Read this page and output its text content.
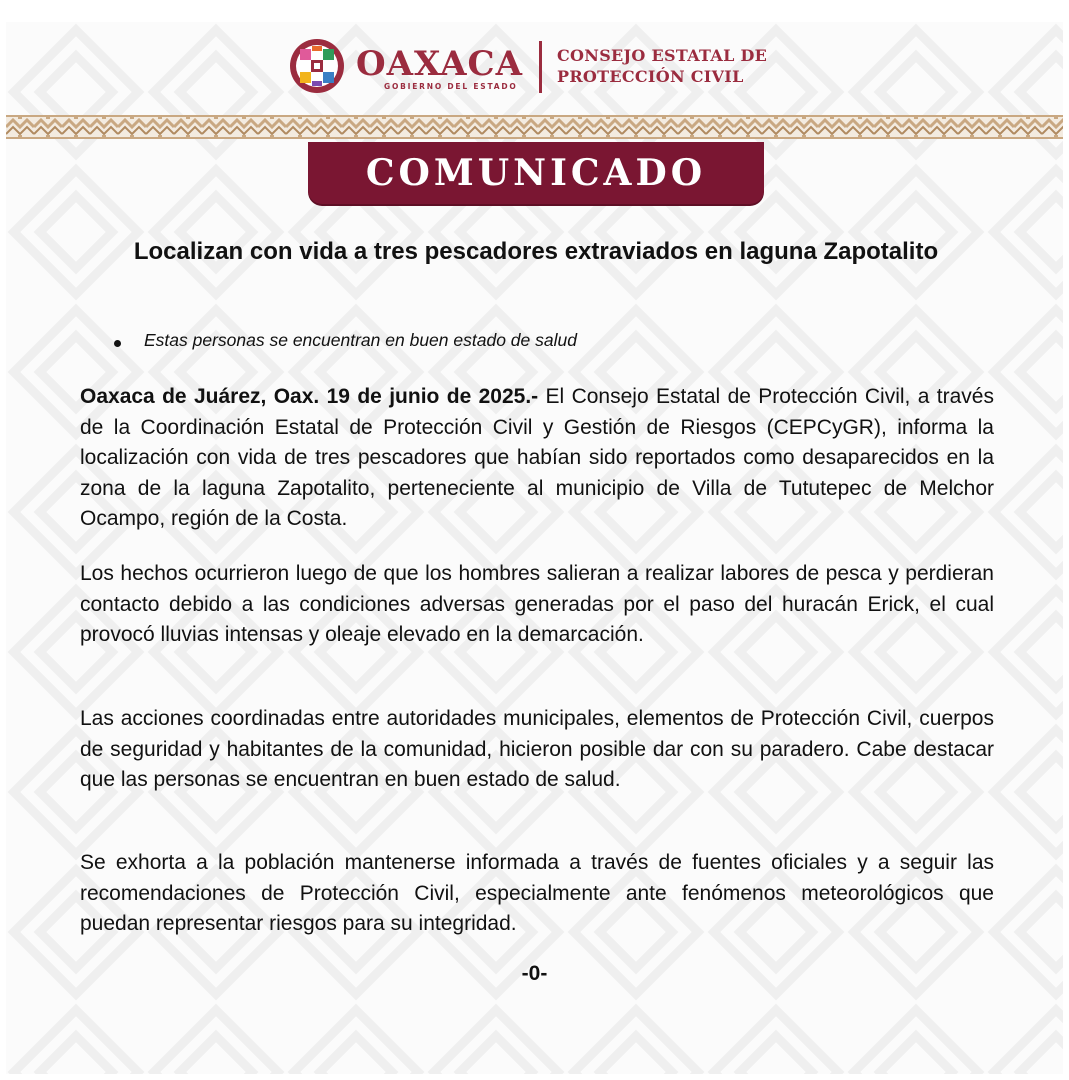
OAXACA
GOBIERNO DEL ESTADO
CONSEJO ESTATAL DE
PROTECCIÓN CIVIL
COMUNICADO
Localizan con vida a tres pescadores extraviados en laguna Zapotalito
Estas personas se encuentran en buen estado de salud
Oaxaca de Juárez, Oax. 19 de junio de 2025.- El Consejo Estatal de Protección Civil, a través de la Coordinación Estatal de Protección Civil y Gestión de Riesgos (CEPCyGR), informa la localización con vida de tres pescadores que habían sido reportados como desaparecidos en la zona de la laguna Zapotalito, perteneciente al municipio de Villa de Tututepec de Melchor Ocampo, región de la Costa.
Los hechos ocurrieron luego de que los hombres salieran a realizar labores de pesca y perdieran contacto debido a las condiciones adversas generadas por el paso del huracán Erick, el cual provocó lluvias intensas y oleaje elevado en la demarcación.
Las acciones coordinadas entre autoridades municipales, elementos de Protección Civil, cuerpos de seguridad y habitantes de la comunidad, hicieron posible dar con su paradero. Cabe destacar que las personas se encuentran en buen estado de salud.
Se exhorta a la población mantenerse informada a través de fuentes oficiales y a seguir las recomendaciones de Protección Civil, especialmente ante fenómenos meteorológicos que puedan representar riesgos para su integridad.
-0-
